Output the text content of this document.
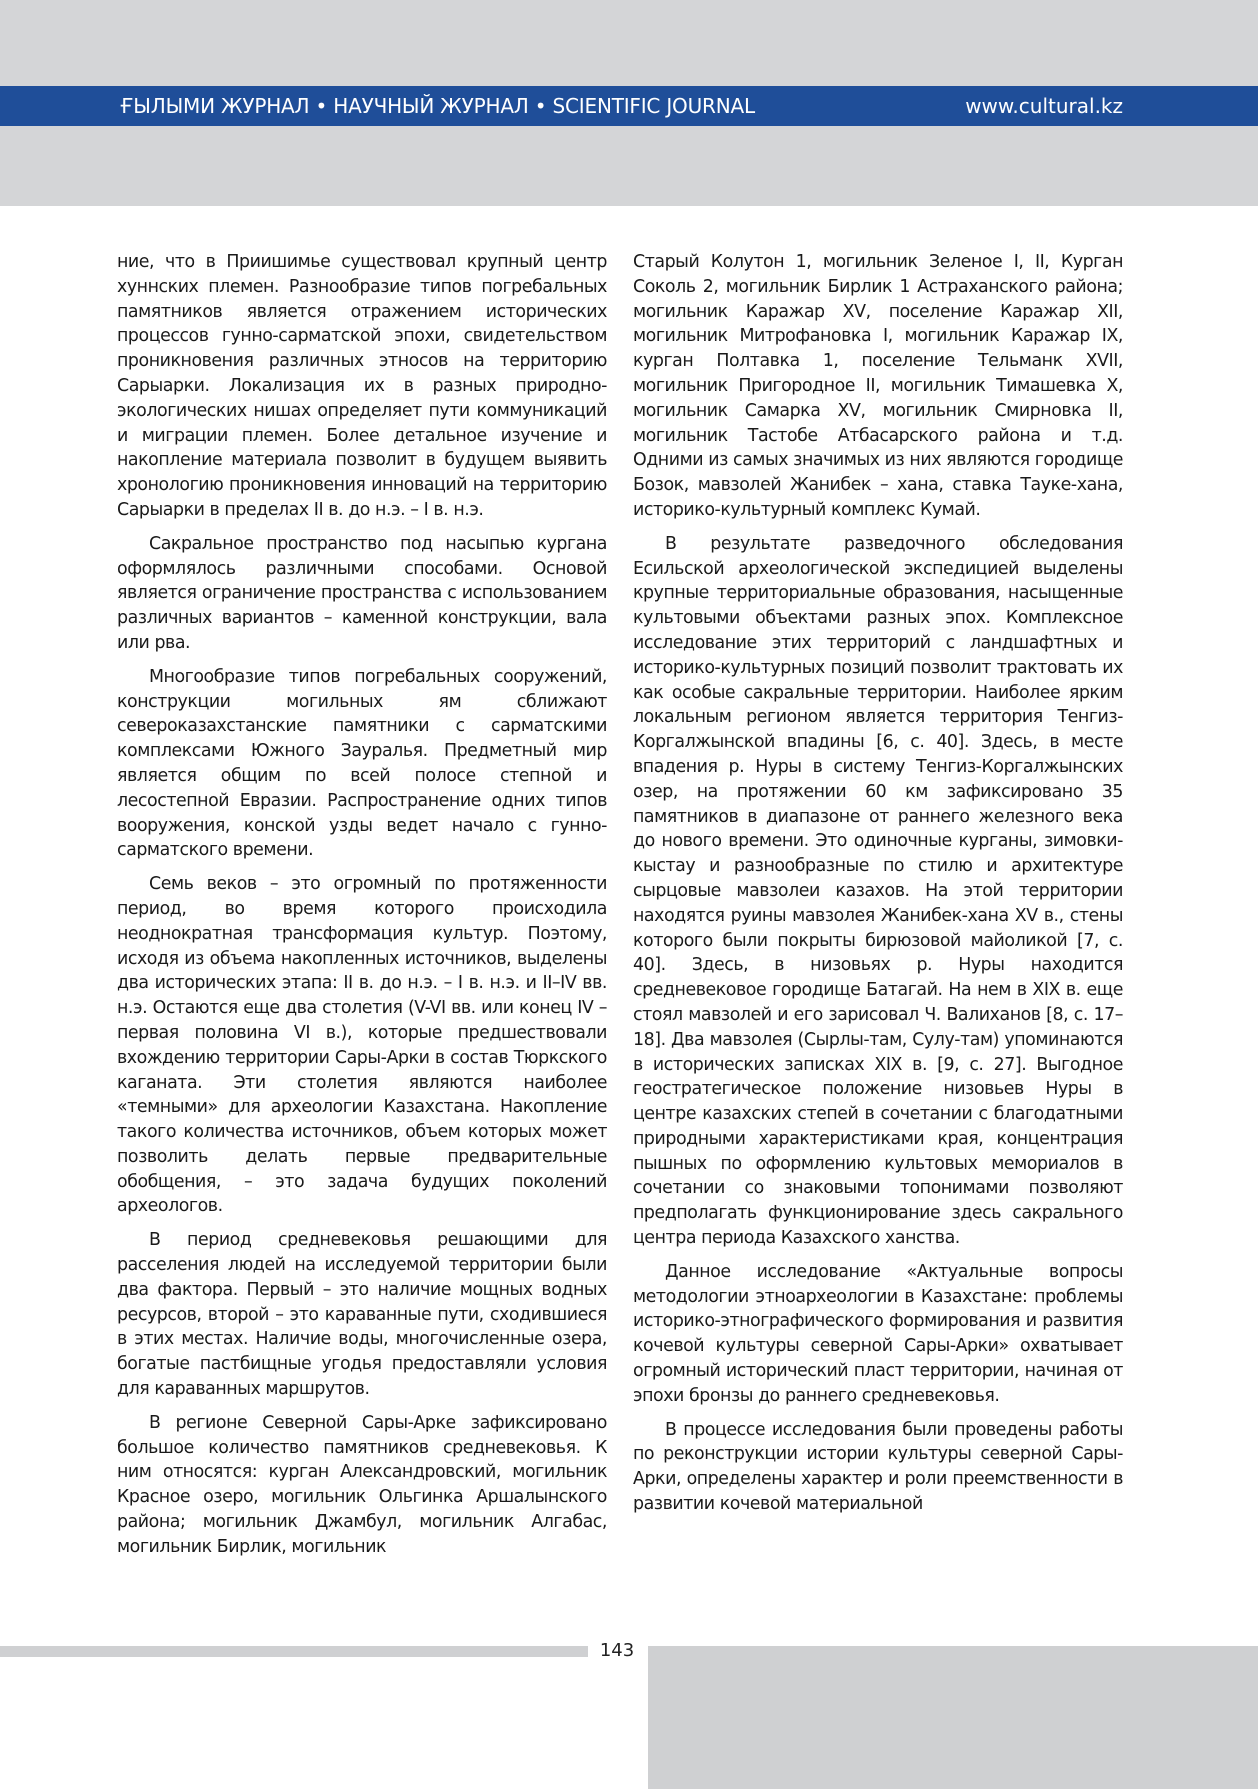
ҒЫЛЫМИ ЖУРНАЛ • НАУЧНЫЙ ЖУРНАЛ • SCIENTIFIC JOURNAL	www.cultural.kz

ние, что в Приишимье существовал крупный центр хуннских племен. Разнообразие типов погребальных памятников является отражением исторических процессов гунно-сарматской эпохи, свидетельством проникновения различных этносов на территорию Сарыарки. Локализация их в разных природно-экологических нишах определяет пути коммуникаций и миграции племен. Более детальное изучение и накопление материала позволит в будущем выявить хронологию проникновения инноваций на территорию Сарыарки в пределах II в. до н.э. – I в. н.э.

Сакральное пространство под насыпью кургана оформлялось различными способами. Основой является ограничение пространства с использованием различных вариантов – каменной конструкции, вала или рва.

Многообразие типов погребальных сооружений, конструкции могильных ям сближают североказахстанские памятники с сарматскими комплексами Южного Зауралья. Предметный мир является общим по всей полосе степной и лесостепной Евразии. Распространение одних типов вооружения, конской узды ведет начало с гунно-сарматского времени.

Семь веков – это огромный по протяженности период, во время которого происходила неоднократная трансформация культур. Поэтому, исходя из объема накопленных источников, выделены два исторических этапа: II в. до н.э. – I в. н.э. и II–IV вв. н.э. Остаются еще два столетия (V-VI вв. или конец IV – первая половина VI в.), которые предшествовали вхождению территории Сары-Арки в состав Тюркского каганата. Эти столетия являются наиболее «темными» для археологии Казахстана. Накопление такого количества источников, объем которых может позволить делать первые предварительные обобщения, – это задача будущих поколений археологов.

В период средневековья решающими для расселения людей на исследуемой территории были два фактора. Первый – это наличие мощных водных ресурсов, второй – это караванные пути, сходившиеся в этих местах. Наличие воды, многочисленные озера, богатые пастбищные угодья предоставляли условия для караванных маршрутов.

В регионе Северной Сары-Арке зафиксировано большое количество памятников средневековья. К ним относятся: курган Александровский, могильник Красное озеро, могильник Ольгинка Аршалынского района; могильник Джамбул, могильник Алгабас, могильник Бирлик, могильник

Старый Колутон 1, могильник Зеленое I, II, Курган Соколь 2, могильник Бирлик 1 Астраханского района; могильник Каражар XV, поселение Каражар XII, могильник Митрофановка I, могильник Каражар IX, курган Полтавка 1, поселение Тельманк XVII, могильник Пригородное II, могильник Тимашевка X, могильник Самарка XV, могильник Смирновка II, могильник Тастобе Атбасарского района и т.д. Одними из самых значимых из них являются городище Бозок, мавзолей Жанибек – хана, ставка Тауке-хана, историко-культурный комплекс Кумай.

В результате разведочного обследования Есильской археологической экспедицией выделены крупные территориальные образования, насыщенные культовыми объектами разных эпох. Комплексное исследование этих территорий с ландшафтных и историко-культурных позиций позволит трактовать их как особые сакральные территории. Наиболее ярким локальным регионом является территория Тенгиз-Коргалжынской впадины [6, с. 40]. Здесь, в месте впадения р. Нуры в систему Тенгиз-Коргалжынских озер, на протяжении 60 км зафиксировано 35 памятников в диапазоне от раннего железного века до нового времени. Это одиночные курганы, зимовки-кыстау и разнообразные по стилю и архитектуре сырцовые мавзолеи казахов. На этой территории находятся руины мавзолея Жанибек-хана XV в., стены которого были покрыты бирюзовой майоликой [7, с. 40]. Здесь, в низовьях р. Нуры находится средневековое городище Батагай. На нем в XIX в. еще стоял мавзолей и его зарисовал Ч. Валиханов [8, с. 17–18]. Два мавзолея (Сырлы-там, Сулу-там) упоминаются в исторических записках XIX в. [9, с. 27]. Выгодное геостратегическое положение низовьев Нуры в центре казахских степей в сочетании с благодатными природными характеристиками края, концентрация пышных по оформлению культовых мемориалов в сочетании со знаковыми топонимами позволяют предполагать функционирование здесь сакрального центра периода Казахского ханства.

Данное исследование «Актуальные вопросы методологии этноархеологии в Казахстане: проблемы историко-этнографического формирования и развития кочевой культуры северной Сары-Арки» охватывает огромный исторический пласт территории, начиная от эпохи бронзы до раннего средневековья.

В процессе исследования были проведены работы по реконструкции истории культуры северной Сары-Арки, определены характер и роли преемственности в развитии кочевой материальной

143
